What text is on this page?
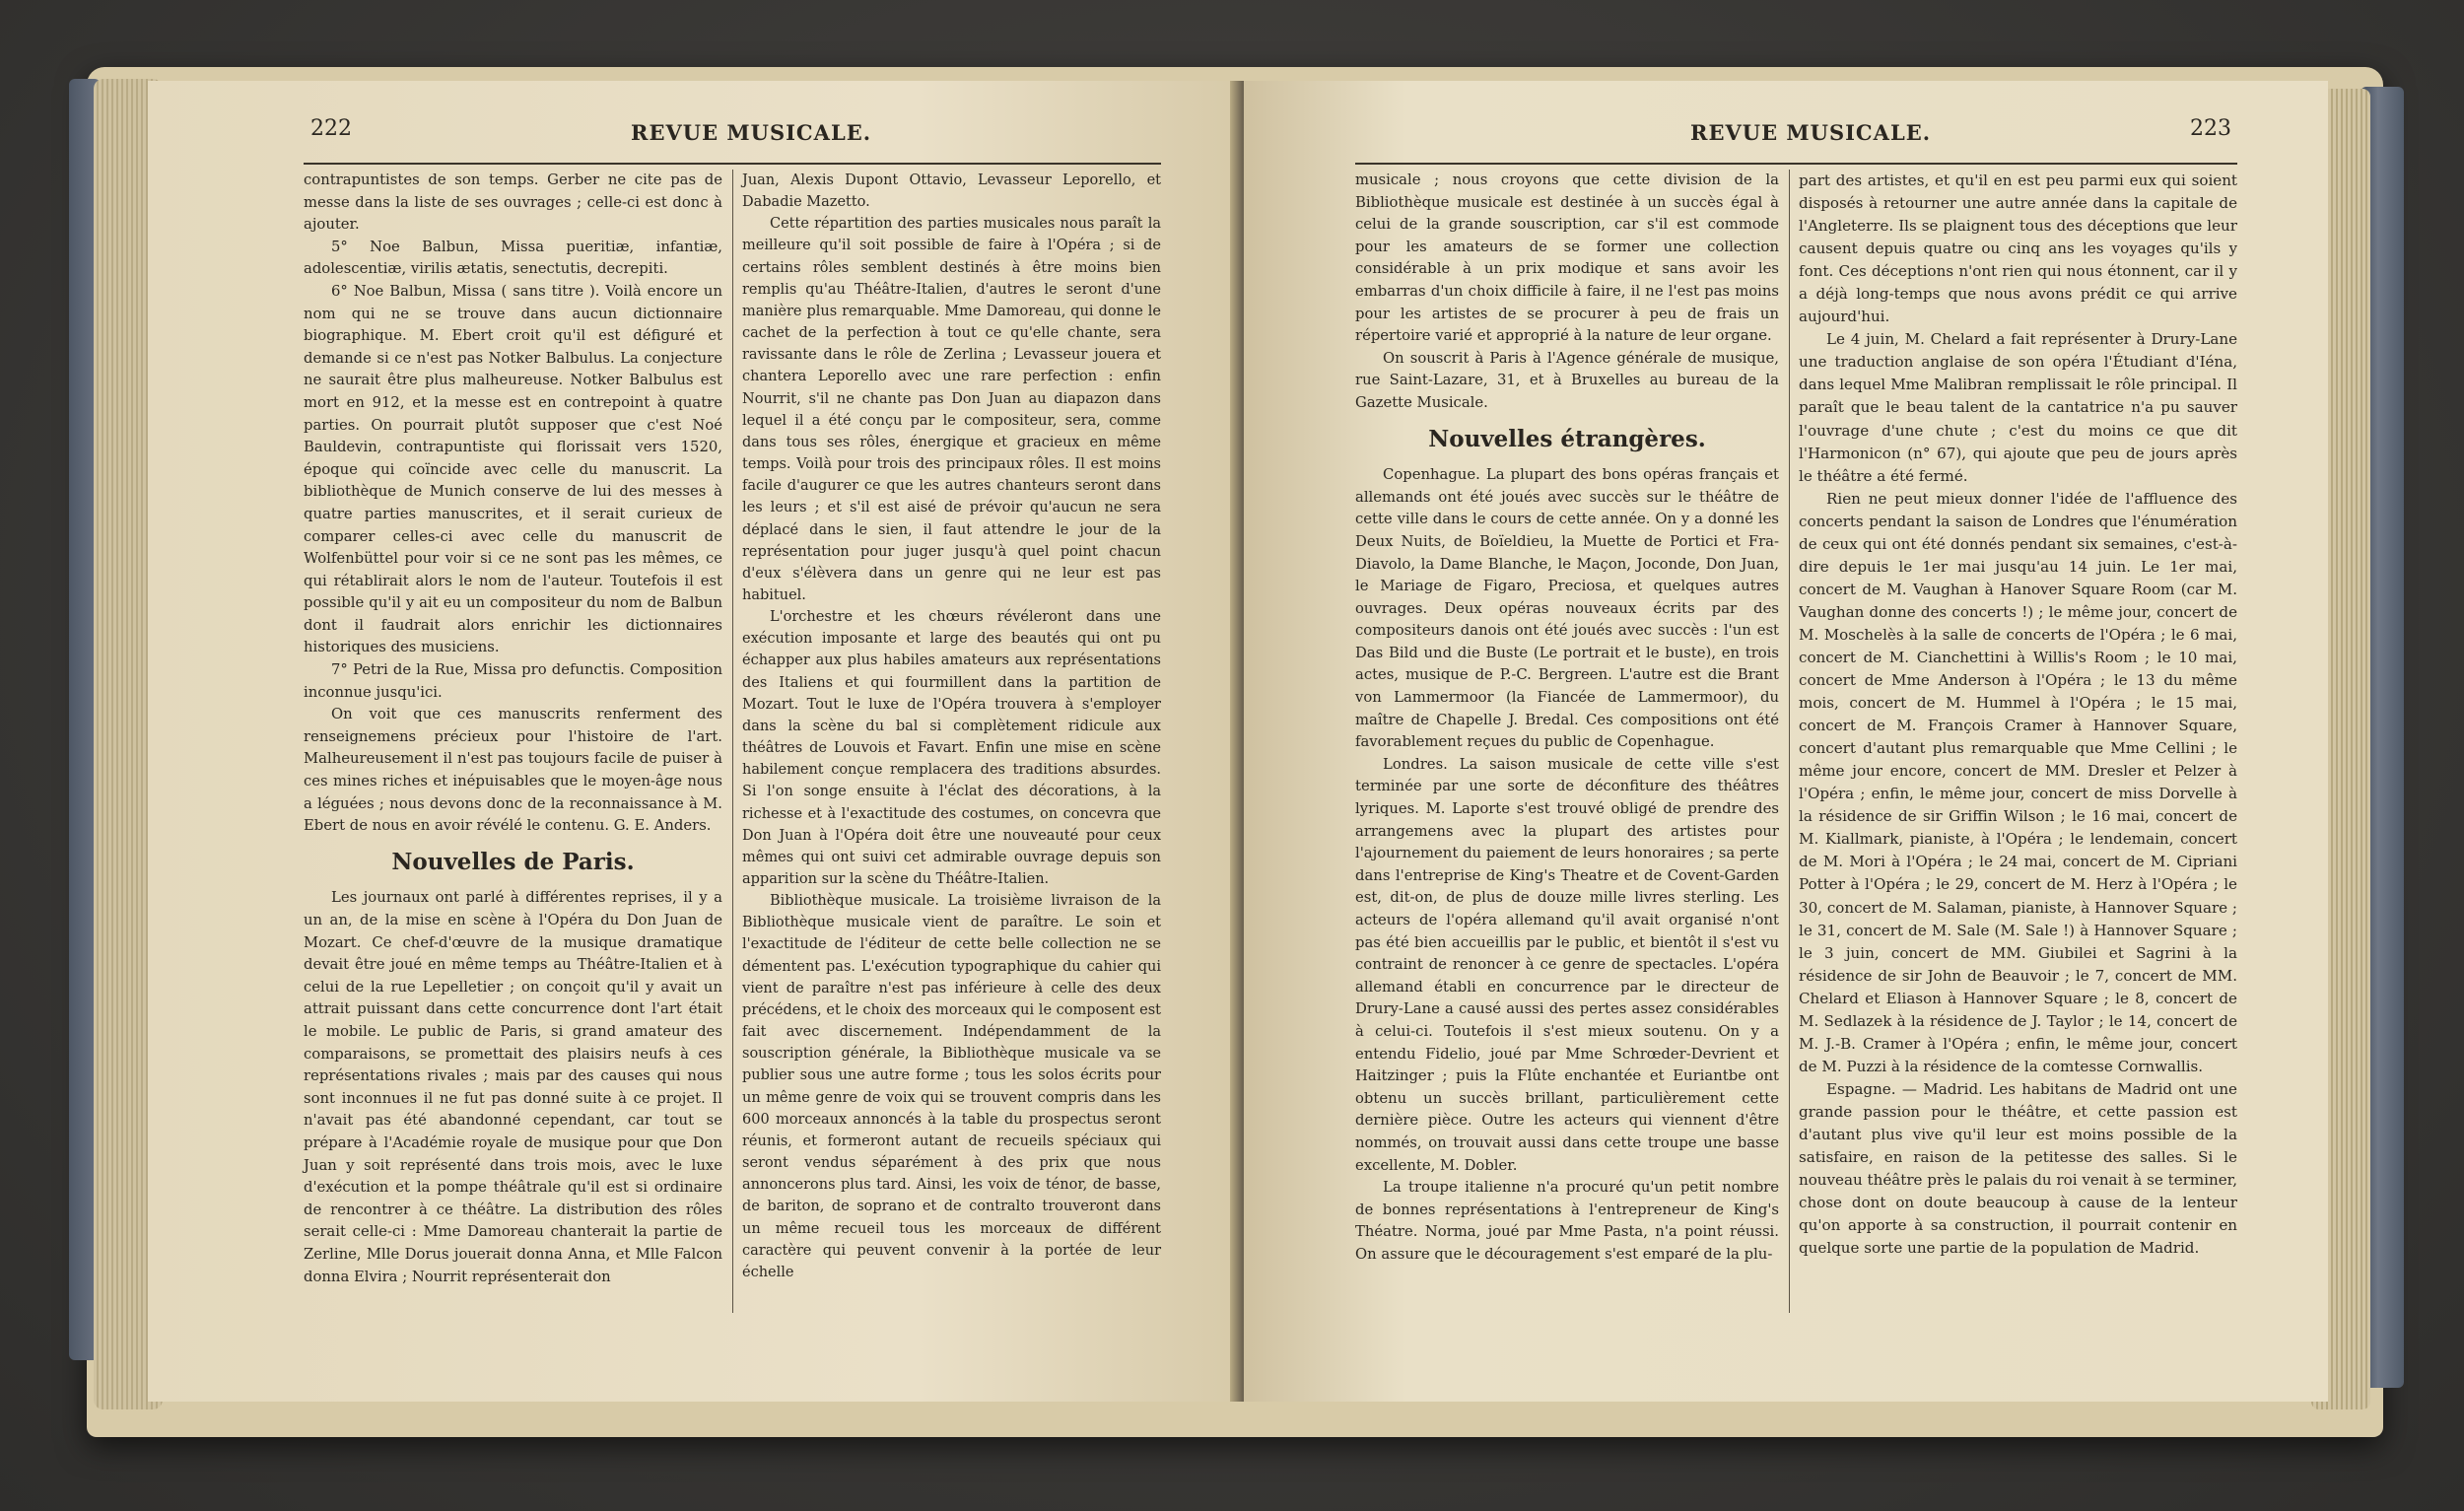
222	REVUE MUSICALE.

contrapuntistes de son temps. Gerber ne cite pas de messe dans la liste de ses ouvrages ; celle-ci est donc à ajouter.

5° Noe Balbun, Missa pueritiæ, infantiæ, adolescentiæ, virilis ætatis, senectutis, decrepiti.

6° Noe Balbun, Missa ( sans titre ). Voilà encore un nom qui ne se trouve dans aucun dictionnaire biographique. M. Ebert croit qu'il est défiguré et demande si ce n'est pas Notker Balbulus. La conjecture ne saurait être plus malheureuse. Notker Balbulus est mort en 912, et la messe est en contrepoint à quatre parties. On pourrait plutôt supposer que c'est Noé Bauldevin, contrapuntiste qui florissait vers 1520, époque qui coïncide avec celle du manuscrit. La bibliothèque de Munich conserve de lui des messes à quatre parties manuscrites, et il serait curieux de comparer celles-ci avec celle du manuscrit de Wolfenbüttel pour voir si ce ne sont pas les mêmes, ce qui rétablirait alors le nom de l'auteur. Toutefois il est possible qu'il y ait eu un compositeur du nom de Balbun dont il faudrait alors enrichir les dictionnaires historiques des musiciens.

7° Petri de la Rue, Missa pro defunctis. Composition inconnue jusqu'ici.

On voit que ces manuscrits renferment des renseignemens précieux pour l'histoire de l'art. Malheureusement il n'est pas toujours facile de puiser à ces mines riches et inépuisables que le moyen-âge nous a léguées ; nous devons donc de la reconnaissance à M. Ebert de nous en avoir révélé le contenu. G. E. Anders.

Nouvelles de Paris.

Les journaux ont parlé à différentes reprises, il y a un an, de la mise en scène à l'Opéra du Don Juan de Mozart. Ce chef-d'œuvre de la musique dramatique devait être joué en même temps au Théâtre-Italien et à celui de la rue Lepelletier ; on conçoit qu'il y avait un attrait puissant dans cette concurrence dont l'art était le mobile. Le public de Paris, si grand amateur des comparaisons, se promettait des plaisirs neufs à ces représentations rivales ; mais par des causes qui nous sont inconnues il ne fut pas donné suite à ce projet. Il n'avait pas été abandonné cependant, car tout se prépare à l'Académie royale de musique pour que Don Juan y soit représenté dans trois mois, avec le luxe d'exécution et la pompe théâtrale qu'il est si ordinaire de rencontrer à ce théâtre. La distribution des rôles serait celle-ci : Mme Damoreau chanterait la partie de Zerline, Mlle Dorus jouerait donna Anna, et Mlle Falcon donna Elvira ; Nourrit représenterait don

Juan, Alexis Dupont Ottavio, Levasseur Leporello, et Dabadie Mazetto.

Cette répartition des parties musicales nous paraît la meilleure qu'il soit possible de faire à l'Opéra ; si de certains rôles semblent destinés à être moins bien remplis qu'au Théâtre-Italien, d'autres le seront d'une manière plus remarquable. Mme Damoreau, qui donne le cachet de la perfection à tout ce qu'elle chante, sera ravissante dans le rôle de Zerlina ; Levasseur jouera et chantera Leporello avec une rare perfection : enfin Nourrit, s'il ne chante pas Don Juan au diapazon dans lequel il a été conçu par le compositeur, sera, comme dans tous ses rôles, énergique et gracieux en même temps. Voilà pour trois des principaux rôles. Il est moins facile d'augurer ce que les autres chanteurs seront dans les leurs ; et s'il est aisé de prévoir qu'aucun ne sera déplacé dans le sien, il faut attendre le jour de la représentation pour juger jusqu'à quel point chacun d'eux s'élèvera dans un genre qui ne leur est pas habituel.

L'orchestre et les chœurs révéleront dans une exécution imposante et large des beautés qui ont pu échapper aux plus habiles amateurs aux représentations des Italiens et qui fourmillent dans la partition de Mozart. Tout le luxe de l'Opéra trouvera à s'employer dans la scène du bal si complètement ridicule aux théâtres de Louvois et Favart. Enfin une mise en scène habilement conçue remplacera des traditions absurdes. Si l'on songe ensuite à l'éclat des décorations, à la richesse et à l'exactitude des costumes, on concevra que Don Juan à l'Opéra doit être une nouveauté pour ceux mêmes qui ont suivi cet admirable ouvrage depuis son apparition sur la scène du Théâtre-Italien.

Bibliothèque musicale. La troisième livraison de la Bibliothèque musicale vient de paraître. Le soin et l'exactitude de l'éditeur de cette belle collection ne se démentent pas. L'exécution typographique du cahier qui vient de paraître n'est pas inférieure à celle des deux précédens, et le choix des morceaux qui le composent est fait avec discernement. Indépendamment de la souscription générale, la Bibliothèque musicale va se publier sous une autre forme ; tous les solos écrits pour un même genre de voix qui se trouvent compris dans les 600 morceaux annoncés à la table du prospectus seront réunis, et formeront autant de recueils spéciaux qui seront vendus séparément à des prix que nous annoncerons plus tard. Ainsi, les voix de ténor, de basse, de bariton, de soprano et de contralto trouveront dans un même recueil tous les morceaux de différent caractère qui peuvent convenir à la portée de leur échelle

REVUE MUSICALE.	223

musicale ; nous croyons que cette division de la Bibliothèque musicale est destinée à un succès égal à celui de la grande souscription, car s'il est commode pour les amateurs de se former une collection considérable à un prix modique et sans avoir les embarras d'un choix difficile à faire, il ne l'est pas moins pour les artistes de se procurer à peu de frais un répertoire varié et approprié à la nature de leur organe.

On souscrit à Paris à l'Agence générale de musique, rue Saint-Lazare, 31, et à Bruxelles au bureau de la Gazette Musicale.

Nouvelles étrangères.

Copenhague. La plupart des bons opéras français et allemands ont été joués avec succès sur le théâtre de cette ville dans le cours de cette année. On y a donné les Deux Nuits, de Boïeldieu, la Muette de Portici et Fra-Diavolo, la Dame Blanche, le Maçon, Joconde, Don Juan, le Mariage de Figaro, Preciosa, et quelques autres ouvrages. Deux opéras nouveaux écrits par des compositeurs danois ont été joués avec succès : l'un est Das Bild und die Buste (Le portrait et le buste), en trois actes, musique de P.-C. Bergreen. L'autre est die Brant von Lammermoor (la Fiancée de Lammermoor), du maître de Chapelle J. Bredal. Ces compositions ont été favorablement reçues du public de Copenhague.

Londres. La saison musicale de cette ville s'est terminée par une sorte de déconfiture des théâtres lyriques. M. Laporte s'est trouvé obligé de prendre des arrangemens avec la plupart des artistes pour l'ajournement du paiement de leurs honoraires ; sa perte dans l'entreprise de King's Theatre et de Covent-Garden est, dit-on, de plus de douze mille livres sterling. Les acteurs de l'opéra allemand qu'il avait organisé n'ont pas été bien accueillis par le public, et bientôt il s'est vu contraint de renoncer à ce genre de spectacles. L'opéra allemand établi en concurrence par le directeur de Drury-Lane a causé aussi des pertes assez considérables à celui-ci. Toutefois il s'est mieux soutenu. On y a entendu Fidelio, joué par Mme Schrœder-Devrient et Haitzinger ; puis la Flûte enchantée et Euriantbe ont obtenu un succès brillant, particulièrement cette dernière pièce. Outre les acteurs qui viennent d'être nommés, on trouvait aussi dans cette troupe une basse excellente, M. Dobler.

La troupe italienne n'a procuré qu'un petit nombre de bonnes représentations à l'entrepreneur de King's Théatre. Norma, joué par Mme Pasta, n'a point réussi. On assure que le découragement s'est emparé de la plu-

part des artistes, et qu'il en est peu parmi eux qui soient disposés à retourner une autre année dans la capitale de l'Angleterre. Ils se plaignent tous des déceptions que leur causent depuis quatre ou cinq ans les voyages qu'ils y font. Ces déceptions n'ont rien qui nous étonnent, car il y a déjà long-temps que nous avons prédit ce qui arrive aujourd'hui.

Le 4 juin, M. Chelard a fait représenter à Drury-Lane une traduction anglaise de son opéra l'Étudiant d'Iéna, dans lequel Mme Malibran remplissait le rôle principal. Il paraît que le beau talent de la cantatrice n'a pu sauver l'ouvrage d'une chute ; c'est du moins ce que dit l'Harmonicon (n° 67), qui ajoute que peu de jours après le théâtre a été fermé.

Rien ne peut mieux donner l'idée de l'affluence des concerts pendant la saison de Londres que l'énumération de ceux qui ont été donnés pendant six semaines, c'est-à-dire depuis le 1er mai jusqu'au 14 juin. Le 1er mai, concert de M. Vaughan à Hanover Square Room (car M. Vaughan donne des concerts !) ; le même jour, concert de M. Moschelès à la salle de concerts de l'Opéra ; le 6 mai, concert de M. Cianchettini à Willis's Room ; le 10 mai, concert de Mme Anderson à l'Opéra ; le 13 du même mois, concert de M. Hummel à l'Opéra ; le 15 mai, concert de M. François Cramer à Hannover Square, concert d'autant plus remarquable que Mme Cellini ; le même jour encore, concert de MM. Dresler et Pelzer à l'Opéra ; enfin, le même jour, concert de miss Dorvelle à la résidence de sir Griffin Wilson ; le 16 mai, concert de M. Kiallmark, pianiste, à l'Opéra ; le lendemain, concert de M. Mori à l'Opéra ; le 24 mai, concert de M. Cipriani Potter à l'Opéra ; le 29, concert de M. Herz à l'Opéra ; le 30, concert de M. Salaman, pianiste, à Hannover Square ; le 31, concert de M. Sale (M. Sale !) à Hannover Square ; le 3 juin, concert de MM. Giubilei et Sagrini à la résidence de sir John de Beauvoir ; le 7, concert de MM. Chelard et Eliason à Hannover Square ; le 8, concert de M. Sedlazek à la résidence de J. Taylor ; le 14, concert de M. J.-B. Cramer à l'Opéra ; enfin, le même jour, concert de M. Puzzi à la résidence de la comtesse Cornwallis.

Espagne. — Madrid. Les habitans de Madrid ont une grande passion pour le théâtre, et cette passion est d'autant plus vive qu'il leur est moins possible de la satisfaire, en raison de la petitesse des salles. Si le nouveau théâtre près le palais du roi venait à se terminer, chose dont on doute beaucoup à cause de la lenteur qu'on apporte à sa construction, il pourrait contenir en quelque sorte une partie de la population de Madrid.
